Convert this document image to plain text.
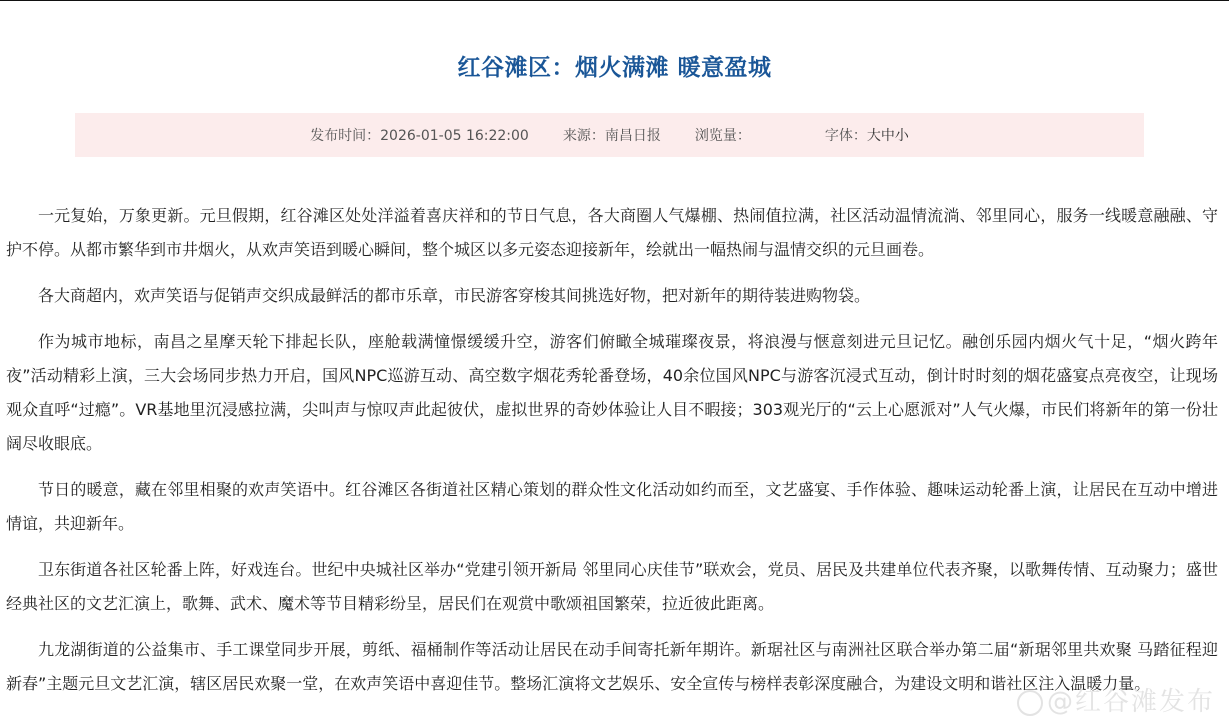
红谷滩区：烟火满滩 暖意盈城
发布时间：2026-01-05 16:22:00 来源：南昌日报 浏览量：	字体：大中小

一元复始，万象更新。元旦假期，红谷滩区处处洋溢着喜庆祥和的节日气息，各大商圈人气爆棚、热闹值拉满，社区活动温情流淌、邻里同心，服务一线暖意融融、守护不停。从都市繁华到市井烟火，从欢声笑语到暖心瞬间，整个城区以多元姿态迎接新年，绘就出一幅热闹与温情交织的元旦画卷。

各大商超内，欢声笑语与促销声交织成最鲜活的都市乐章，市民游客穿梭其间挑选好物，把对新年的期待装进购物袋。

作为城市地标，南昌之星摩天轮下排起长队，座舱载满憧憬缓缓升空，游客们俯瞰全城璀璨夜景，将浪漫与惬意刻进元旦记忆。融创乐园内烟火气十足，“烟火跨年夜”活动精彩上演，三大会场同步热力开启，国风NPC巡游互动、高空数字烟花秀轮番登场，40余位国风NPC与游客沉浸式互动，倒计时时刻的烟花盛宴点亮夜空，让现场观众直呼“过瘾”。VR基地里沉浸感拉满，尖叫声与惊叹声此起彼伏，虚拟世界的奇妙体验让人目不暇接；303观光厅的“云上心愿派对”人气火爆，市民们将新年的第一份壮阔尽收眼底。

节日的暖意，藏在邻里相聚的欢声笑语中。红谷滩区各街道社区精心策划的群众性文化活动如约而至，文艺盛宴、手作体验、趣味运动轮番上演，让居民在互动中增进情谊，共迎新年。

卫东街道各社区轮番上阵，好戏连台。世纪中央城社区举办“党建引领开新局 邻里同心庆佳节”联欢会，党员、居民及共建单位代表齐聚，以歌舞传情、互动聚力；盛世经典社区的文艺汇演上，歌舞、武术、魔术等节目精彩纷呈，居民们在观赏中歌颂祖国繁荣，拉近彼此距离。

九龙湖街道的公益集市、手工课堂同步开展，剪纸、福桶制作等活动让居民在动手间寄托新年期许。新琚社区与南洲社区联合举办第二届“新琚邻里共欢聚 马踏征程迎新春”主题元旦文艺汇演，辖区居民欢聚一堂，在欢声笑语中喜迎佳节。整场汇演将文艺娱乐、安全宣传与榜样表彰深度融合，为建设文明和谐社区注入温暖力量。

@红谷滩发布
